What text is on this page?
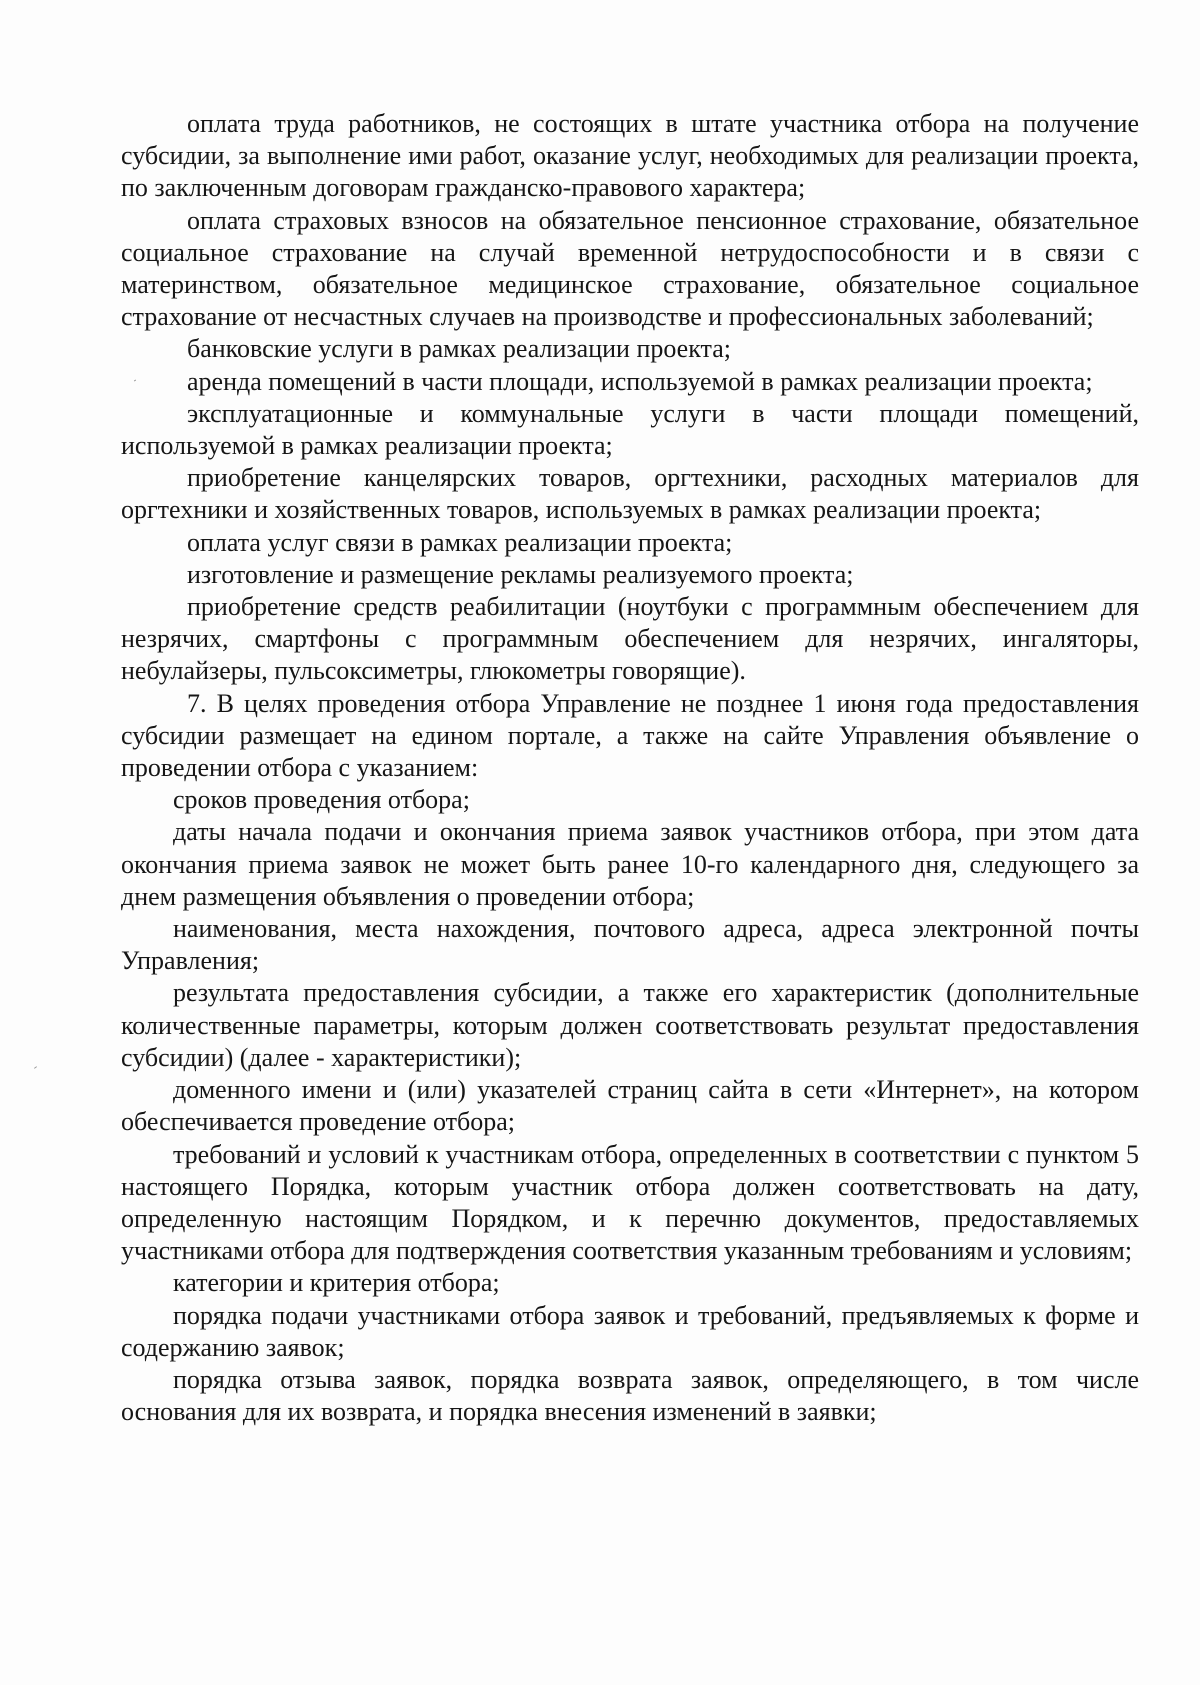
оплата труда работников, не состоящих в штате участника отбора на получение субсидии, за выполнение ими работ, оказание услуг, необходимых для реализации проекта, по заключенным договорам гражданско-правового характера;

оплата страховых взносов на обязательное пенсионное страхование, обязательное социальное страхование на случай временной нетрудоспособности и в связи с материнством, обязательное медицинское страхование, обязательное социальное страхование от несчастных случаев на производстве и профессиональных заболеваний;

банковские услуги в рамках реализации проекта;

аренда помещений в части площади, используемой в рамках реализации проекта;

эксплуатационные и коммунальные услуги в части площади помещений, используемой в рамках реализации проекта;

приобретение канцелярских товаров, оргтехники, расходных материалов для оргтехники и хозяйственных товаров, используемых в рамках реализации проекта;

оплата услуг связи в рамках реализации проекта;

изготовление и размещение рекламы реализуемого проекта;

приобретение средств реабилитации (ноутбуки с программным обеспечением для незрячих, смартфоны с программным обеспечением для незрячих, ингаляторы, небулайзеры, пульсоксиметры, глюкометры говорящие).

7. В целях проведения отбора Управление не позднее 1 июня года предоставления субсидии размещает на едином портале, а также на сайте Управления объявление о проведении отбора с указанием:

сроков проведения отбора;

даты начала подачи и окончания приема заявок участников отбора, при этом дата окончания приема заявок не может быть ранее 10-го календарного дня, следующего за днем размещения объявления о проведении отбора;

наименования, места нахождения, почтового адреса, адреса электронной почты Управления;

результата предоставления субсидии, а также его характеристик (дополнительные количественные параметры, которым должен соответствовать результат предоставления субсидии) (далее - характеристики);

доменного имени и (или) указателей страниц сайта в сети «Интернет», на котором обеспечивается проведение отбора;

требований и условий к участникам отбора, определенных в соответствии с пунктом 5 настоящего Порядка, которым участник отбора должен соответствовать на дату, определенную настоящим Порядком, и к перечню документов, предоставляемых участниками отбора для подтверждения соответствия указанным требованиям и условиям;

категории и критерия отбора;

порядка подачи участниками отбора заявок и требований, предъявляемых к форме и содержанию заявок;

порядка отзыва заявок, порядка возврата заявок, определяющего, в том числе основания для их возврата, и порядка внесения изменений в заявки;
